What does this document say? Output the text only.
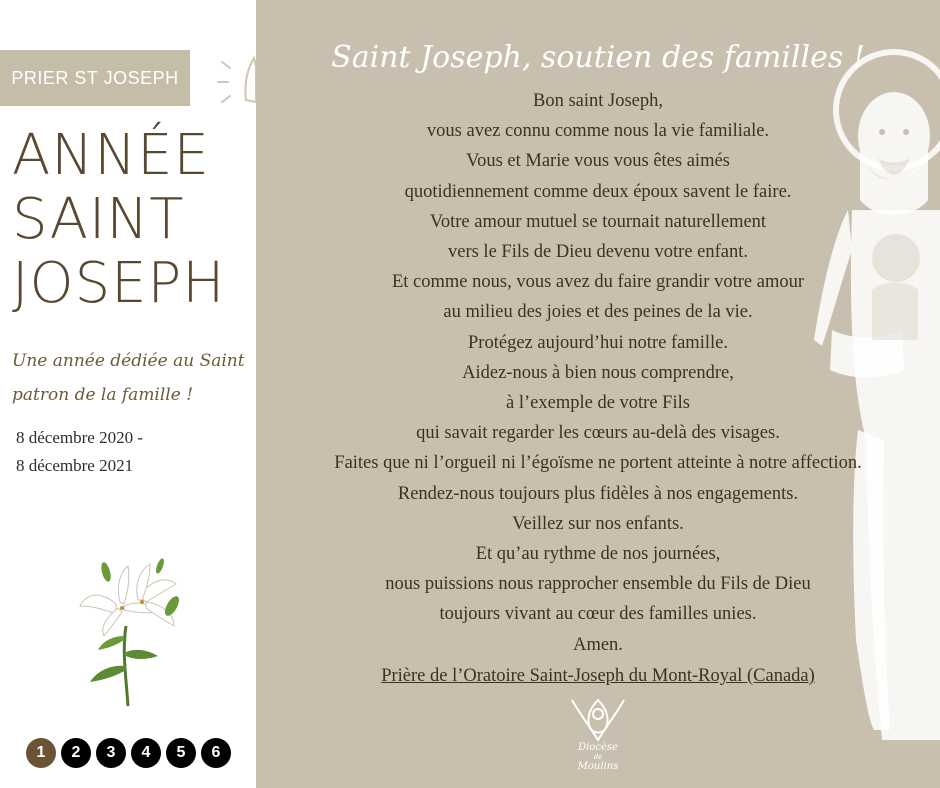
PRIER ST JOSEPH
ANNÉE
SAINT
JOSEPH
Une année dédiée au Saint
patron de la famille !
8 décembre 2020 -
8 décembre 2021
1	2	3	4	5	6
Saint Joseph, soutien des familles !
Bon saint Joseph,
vous avez connu comme nous la vie familiale.
Vous et Marie vous vous êtes aimés
quotidiennement comme deux époux savent le faire.
Votre amour mutuel se tournait naturellement
vers le Fils de Dieu devenu votre enfant.
Et comme nous, vous avez du faire grandir votre amour
au milieu des joies et des peines de la vie.
Protégez aujourd’hui notre famille.
Aidez-nous à bien nous comprendre,
à l’exemple de votre Fils
qui savait regarder les cœurs au-delà des visages.
Faites que ni l’orgueil ni l’égoïsme ne portent atteinte à notre affection.
Rendez-nous toujours plus fidèles à nos engagements.
Veillez sur nos enfants.
Et qu’au rythme de nos journées,
nous puissions nous rapprocher ensemble du Fils de Dieu
toujours vivant au cœur des familles unies.
Amen.
Prière de l’Oratoire Saint-Joseph du Mont-Royal (Canada)
Diocèse
de
Moulins
